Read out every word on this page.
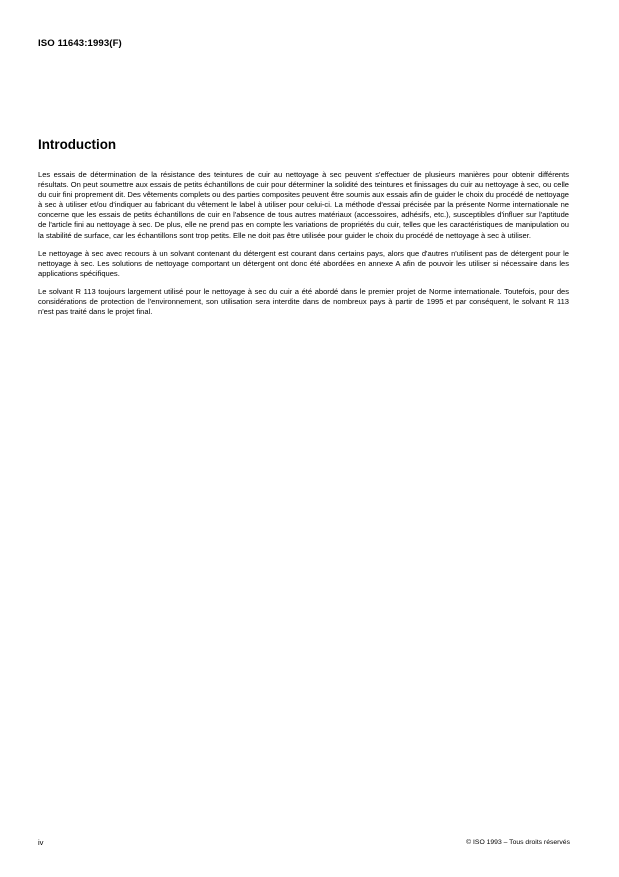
ISO 11643:1993(F)
Introduction

Les essais de détermination de la résistance des teintures de cuir au nettoyage à sec peuvent s'effectuer de plusieurs manières pour obtenir différents résultats. On peut soumettre aux essais de petits échantillons de cuir pour déterminer la solidité des teintures et finissages du cuir au nettoyage à sec, ou celle du cuir fini proprement dit. Des vêtements complets ou des parties composites peuvent être soumis aux essais afin de guider le choix du procédé de nettoyage à sec à utiliser et/ou d'indiquer au fabricant du vêtement le label à utiliser pour celui-ci. La méthode d'essai précisée par la présente Norme internationale ne concerne que les essais de petits échantillons de cuir en l'absence de tous autres matériaux (accessoires, adhésifs, etc.), susceptibles d'influer sur l'aptitude de l'article fini au nettoyage à sec. De plus, elle ne prend pas en compte les variations de propriétés du cuir, telles que les caractéristiques de manipulation ou la stabilité de surface, car les échantillons sont trop petits. Elle ne doit pas être utilisée pour guider le choix du procédé de nettoyage à sec à utiliser.

Le nettoyage à sec avec recours à un solvant contenant du détergent est courant dans certains pays, alors que d'autres n'utilisent pas de détergent pour le nettoyage à sec. Les solutions de nettoyage comportant un détergent ont donc été abordées en annexe A afin de pouvoir les utiliser si nécessaire dans les applications spécifiques.

Le solvant R 113 toujours largement utilisé pour le nettoyage à sec du cuir a été abordé dans le premier projet de Norme internationale. Toutefois, pour des considérations de protection de l'environnement, son utilisation sera interdite dans de nombreux pays à partir de 1995 et par conséquent, le solvant R 113 n'est pas traité dans le projet final.

iv	© ISO 1993 – Tous droits réservés
